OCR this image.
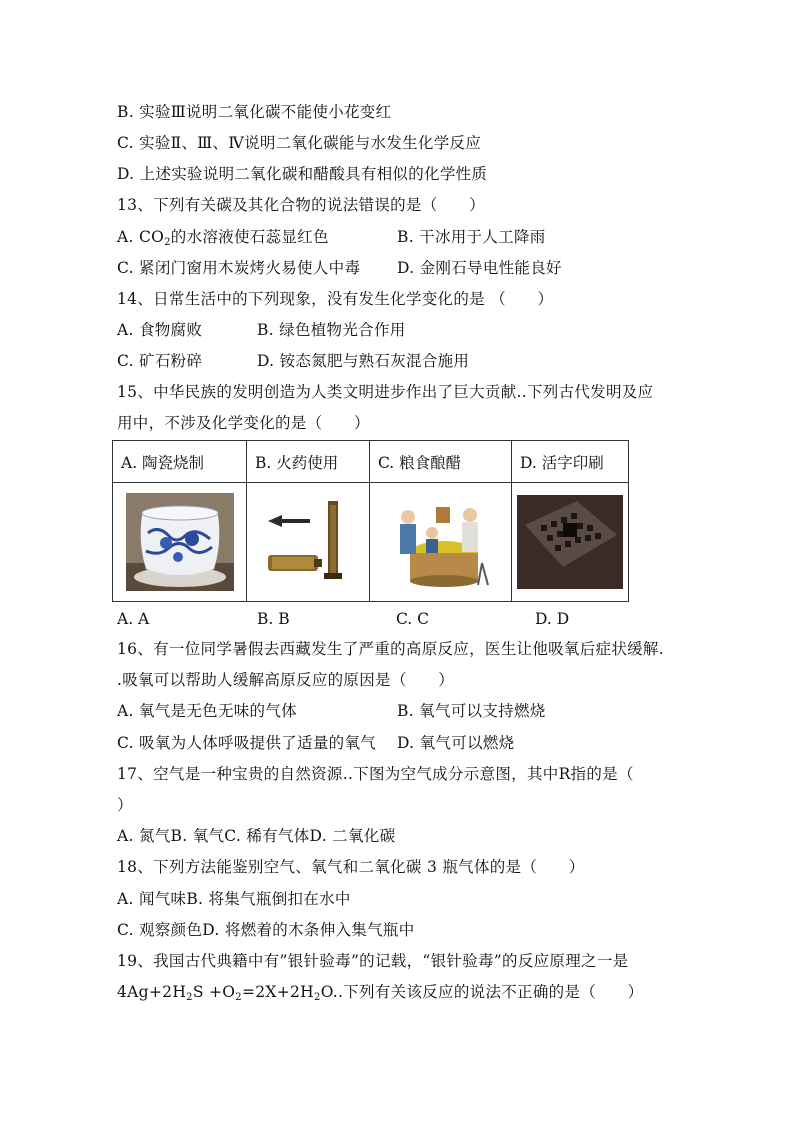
B. 实验Ⅲ说明二氧化碳不能使小花变红
C. 实验Ⅱ、Ⅲ、Ⅳ说明二氧化碳能与水发生化学反应
D. 上述实验说明二氧化碳和醋酸具有相似的化学性质
13、下列有关碳及其化合物的说法错误的是（　　）
A. $CO_2$的水溶液使石蕊显红色	B. 干冰用于人工降雨
C. 紧闭门窗用木炭烤火易使人中毒 D. 金刚石导电性能良好
14、日常生活中的下列现象，没有发生化学变化的是 （　　）
A. 食物腐败	B. 绿色植物光合作用
C. 矿石粉碎	D. 铵态氮肥与熟石灰混合施用
15、中华民族的发明创造为人类文明进步作出了巨大贡献..下列古代发明及应
用中，不涉及化学变化的是（　　）
A. 陶瓷烧制	B. 火药使用	C. 粮食酿醋	D. 活字印刷

A. A	B. B	C. C	D. D
16、有一位同学暑假去西藏发生了严重的高原反应，医生让他吸氧后症状缓解.
.吸氧可以帮助人缓解高原反应的原因是（　　）
A. 氧气是无色无味的气体	B. 氧气可以支持燃烧
C. 吸氧为人体呼吸提供了适量的氧气 D. 氧气可以燃烧
17、空气是一种宝贵的自然资源..下图为空气成分示意图，其中R指的是（
）
A. 氮气B. 氧气C. 稀有气体D. 二氧化碳
18、下列方法能鉴别空气、氧气和二氧化碳 3 瓶气体的是（　　）
A. 闻气味B. 将集气瓶倒扣在水中
C. 观察颜色D. 将燃着的木条伸入集气瓶中
19、我国古代典籍中有”银针验毒”的记载，“银针验毒”的反应原理之一是
$4Ag+2H_2S +O_2=2X+2H_2O$..下列有关该反应的说法不正确的是（　　）
